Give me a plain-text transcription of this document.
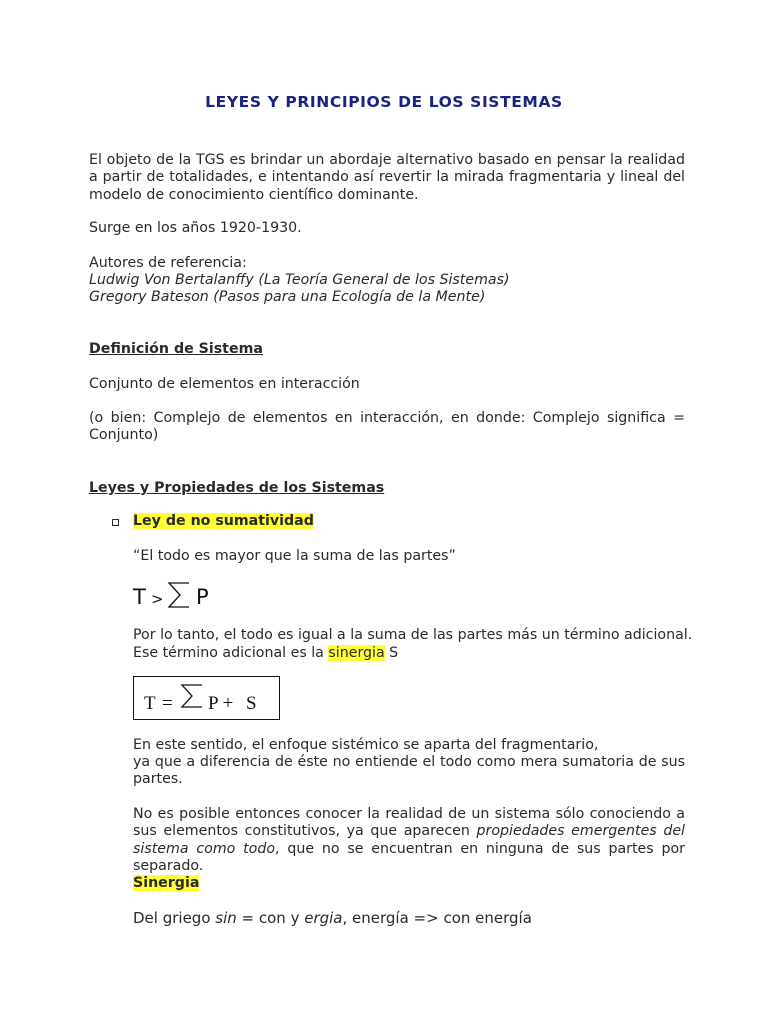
LEYES Y PRINCIPIOS DE LOS SISTEMAS
El objeto de la TGS es brindar un abordaje alternativo basado en pensar la realidad a partir de totalidades, e intentando así revertir la mirada fragmentaria y lineal del modelo de conocimiento científico dominante.
Surge en los años 1920-1930.
Autores de referencia:
Ludwig Von Bertalanffy (La Teoría General de los Sistemas)
Gregory Bateson (Pasos para una Ecología de la Mente)
Definición de Sistema
Conjunto de elementos en interacción
(o bien: Complejo de elementos en interacción, en donde: Complejo significa = Conjunto)
Leyes y Propiedades de los Sistemas
Ley de no sumatividad
“El todo es mayor que la suma de las partes”
T > P
Por lo tanto, el todo es igual a la suma de las partes más un término adicional.
Ese término adicional es la sinergia S
T = P + S
En este sentido, el enfoque sistémico se aparta del fragmentario,
ya que a diferencia de éste no entiende el todo como mera sumatoria de sus partes.
No es posible entonces conocer la realidad de un sistema sólo conociendo a sus elementos constitutivos, ya que aparecen propiedades emergentes del sistema como todo, que no se encuentran en ninguna de sus partes por separado.
Sinergia
Del griego sin = con y ergia, energía => con energía
